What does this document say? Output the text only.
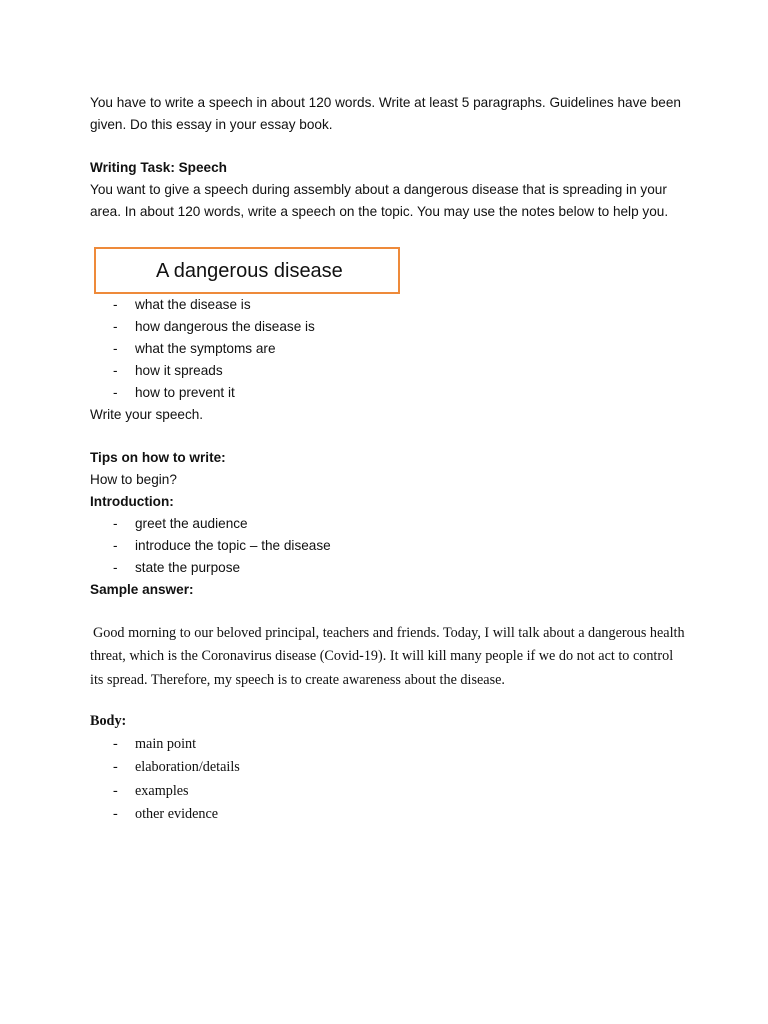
You have to write a speech in about 120 words. Write at least 5 paragraphs. Guidelines have been given. Do this essay in your essay book.

Writing Task: Speech

You want to give a speech during assembly about a dangerous disease that is spreading in your area. In about 120 words, write a speech on the topic. You may use the notes below to help you.

A dangerous disease
- what the disease is
- how dangerous the disease is
- what the symptoms are
- how it spreads
- how to prevent it

Write your speech.

Tips on how to write:

How to begin?

Introduction:

- greet the audience
- introduce the topic – the disease
- state the purpose

Sample answer:

Good morning to our beloved principal, teachers and friends. Today, I will talk about a dangerous health threat, which is the Coronavirus disease (Covid-19). It will kill many people if we do not act to control its spread. Therefore, my speech is to create awareness about the disease.

Body:

- main point
- elaboration/details
- examples
- other evidence
